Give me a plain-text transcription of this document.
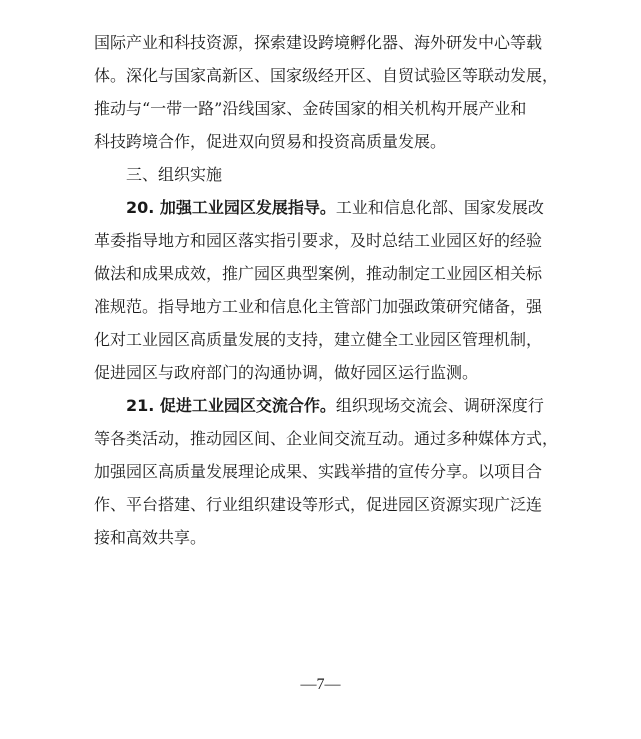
国际产业和科技资源，探索建设跨境孵化器、海外研发中心等载
体。深化与国家高新区、国家级经开区、自贸试验区等联动发展，
推动与“一带一路”沿线国家、金砖国家的相关机构开展产业和
科技跨境合作，促进双向贸易和投资高质量发展。
三、组织实施
20. 加强工业园区发展指导。 工业和信息化部、国家发展改
革委指导地方和园区落实指引要求，及时总结工业园区好的经验
做法和成果成效，推广园区典型案例，推动制定工业园区相关标
准规范。指导地方工业和信息化主管部门加强政策研究储备，强
化对工业园区高质量发展的支持，建立健全工业园区管理机制，
促进园区与政府部门的沟通协调，做好园区运行监测。
21. 促进工业园区交流合作。 组织现场交流会、调研深度行
等各类活动，推动园区间、企业间交流互动。通过多种媒体方式，
加强园区高质量发展理论成果、实践举措的宣传分享。以项目合
作、平台搭建、行业组织建设等形式，促进园区资源实现广泛连
接和高效共享。
—7—
